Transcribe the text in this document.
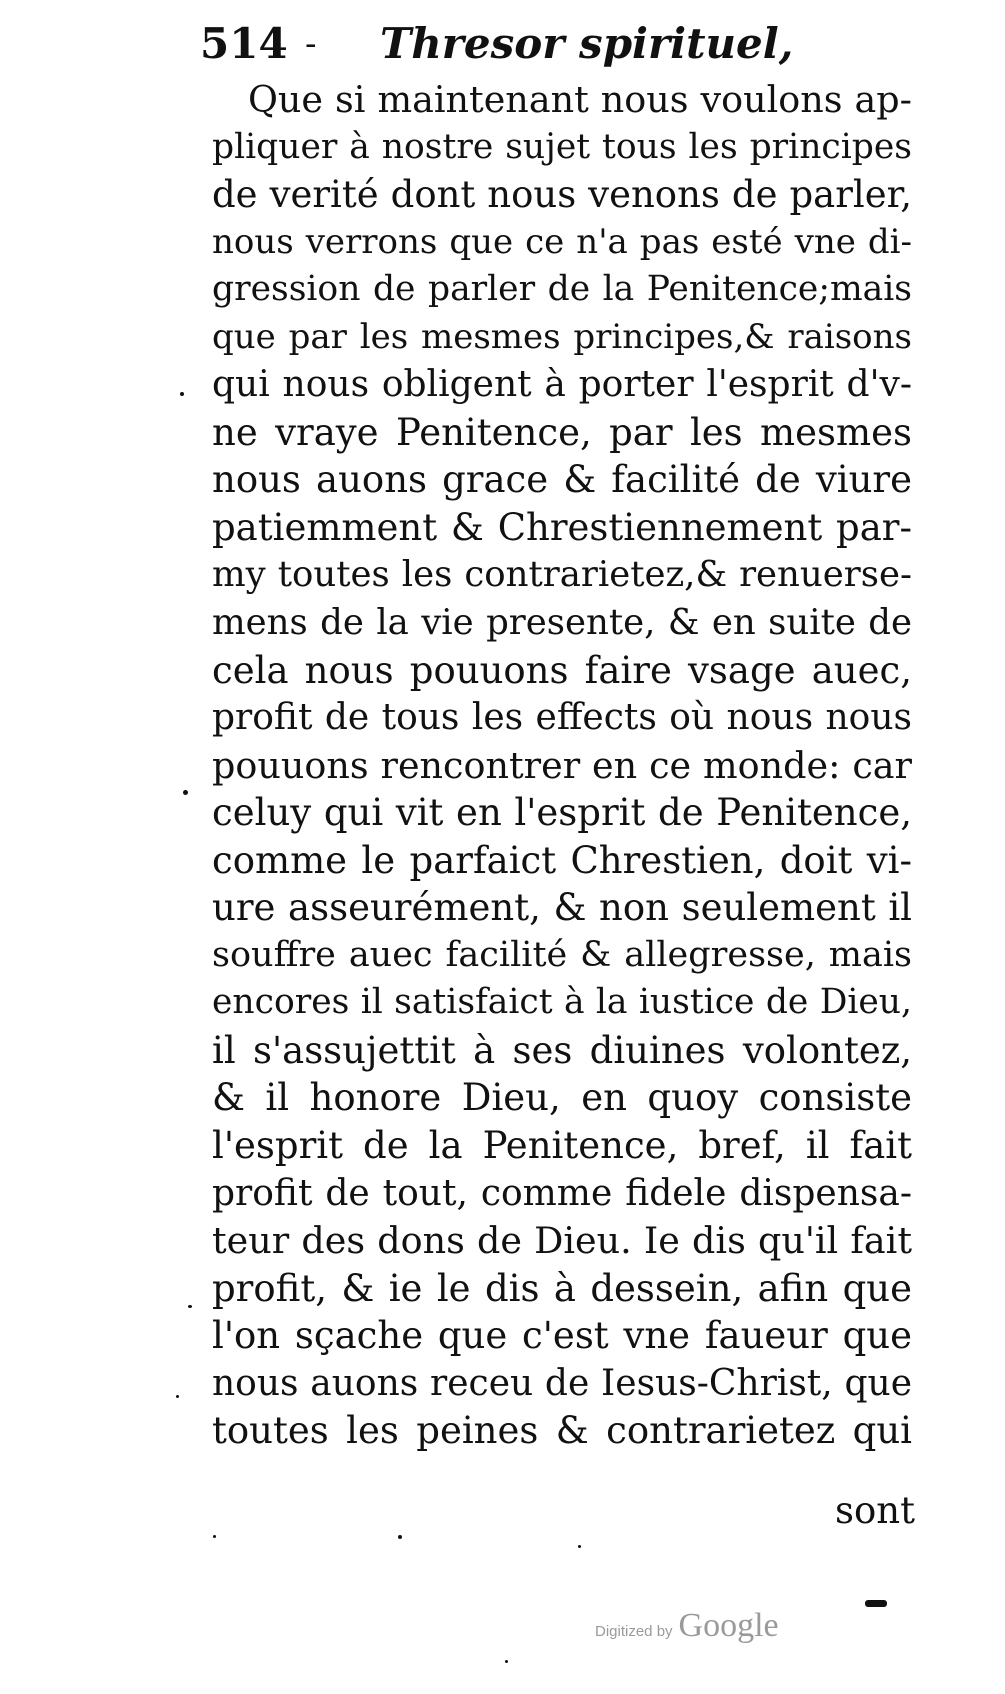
514 - Thresor spirituel,
Que si maintenant nous voulons ap-
pliquer à nostre sujet tous les principes
de verité dont nous venons de parler,
nous verrons que ce n'a pas esté vne di-
gression de parler de la Penitence;mais
que par les mesmes principes,& raisons
qui nous obligent à porter l'esprit d'v-
ne vraye Penitence, par les mesmes
nous auons grace & facilité de viure
patiemment & Chrestiennement par-
my toutes les contrarietez,& renuerse-
mens de la vie presente, & en suite de
cela nous pouuons faire vsage auec,
profit de tous les effects où nous nous
pouuons rencontrer en ce monde: car
celuy qui vit en l'esprit de Penitence,
comme le parfaict Chrestien, doit vi-
ure asseurément, & non seulement il
souffre auec facilité & allegresse, mais
encores il satisfaict à la iustice de Dieu,
il s'assujettit à ses diuines volontez,
& il honore Dieu, en quoy consiste
l'esprit de la Penitence, bref, il fait
profit de tout, comme fidele dispensa-
teur des dons de Dieu. Ie dis qu'il fait
profit, & ie le dis à dessein, afin que
l'on sçache que c'est vne faueur que
nous auons receu de Iesus-Christ, que
toutes les peines & contrarietez qui
sont
Digitized by Google
